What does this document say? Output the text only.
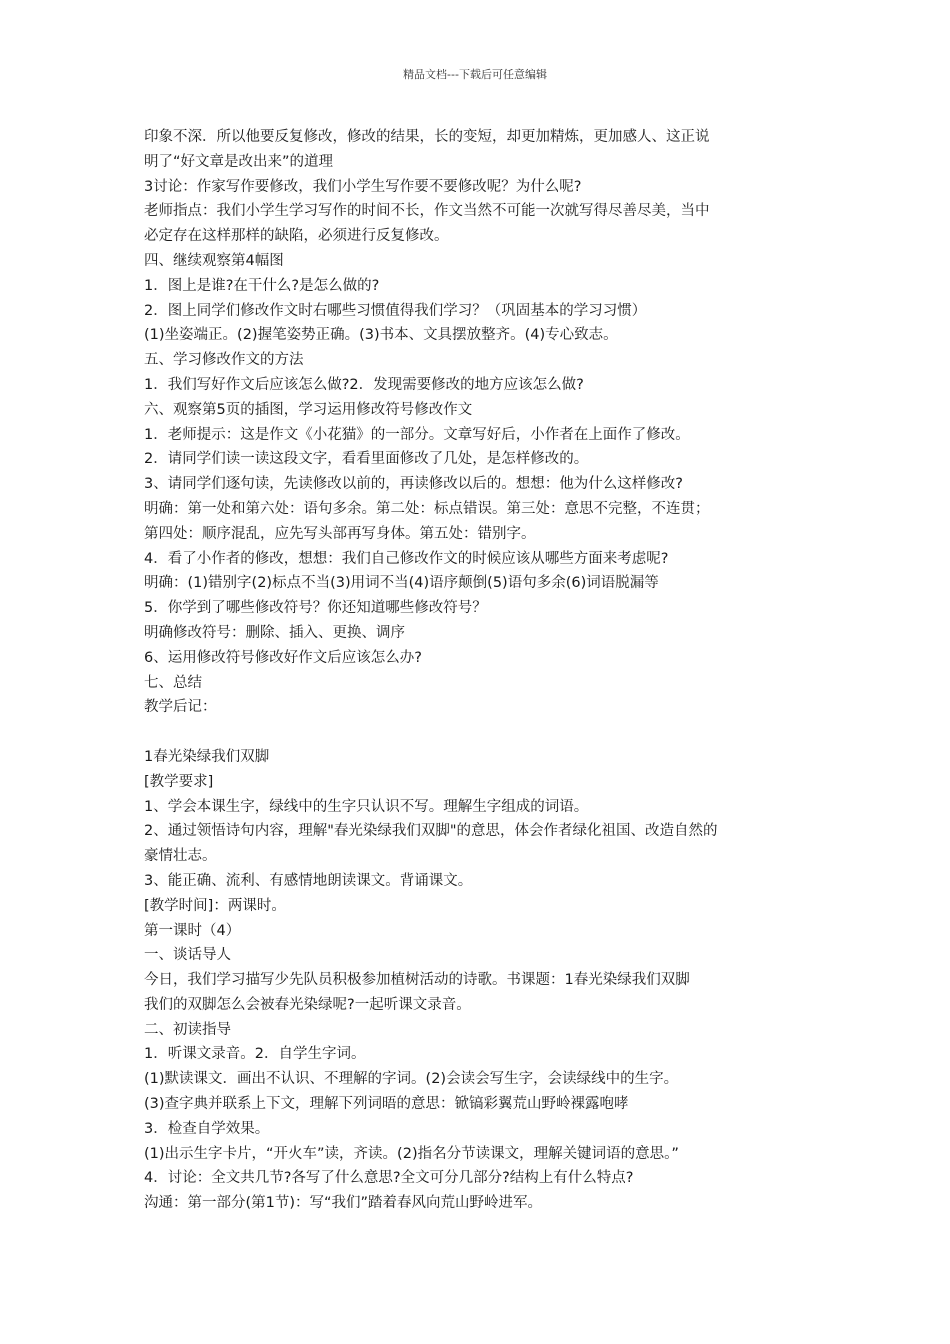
精品文档---下载后可任意编辑
印象不深．所以他要反复修改，修改的结果，长的变短，却更加精炼，更加感人、这正说
明了“好文章是改出来”的道理
3讨论：作家写作要修改，我们小学生写作要不要修改呢？为什么呢?
老师指点：我们小学生学习写作的时间不长，作文当然不可能一次就写得尽善尽美，当中
必定存在这样那样的缺陷，必须进行反复修改。
四、继续观察第4幅图
1．图上是谁?在干什么?是怎么做的?
2．图上同学们修改作文时右哪些习惯值得我们学习？（巩固基本的学习习惯）
(1)坐姿端正。(2)握笔姿势正确。(3)书本、文具摆放整齐。(4)专心致志。
五、学习修改作文的方法
1．我们写好作文后应该怎么做?2．发现需要修改的地方应该怎么做?
六、观察第5页的插图，学习运用修改符号修改作文
1．老师提示：这是作文《小花猫》的一部分。文章写好后，小作者在上面作了修改。
2．请同学们读一读这段文字，看看里面修改了几处，是怎样修改的。
3、请同学们逐句读，先读修改以前的，再读修改以后的。想想：他为什么这样修改?
明确：第一处和第六处：语句多余。第二处：标点错误。第三处：意思不完整，不连贯；
第四处：顺序混乱，应先写头部再写身体。第五处：错别字。
4．看了小作者的修改，想想：我们自己修改作文的时候应该从哪些方面来考虑呢?
明确：(1)错别字(2)标点不当(3)用词不当(4)语序颠倒(5)语句多余(6)词语脱漏等
5．你学到了哪些修改符号？你还知道哪些修改符号？
明确修改符号：删除、插入、更换、调序
6、运用修改符号修改好作文后应该怎么办?
七、总结
教学后记：
1春光染绿我们双脚
[教学要求]
1、学会本课生字，绿线中的生字只认识不写。理解生字组成的词语。
2、通过领悟诗句内容，理解"春光染绿我们双脚"的意思，体会作者绿化祖国、改造自然的
豪情壮志。
3、能正确、流利、有感情地朗读课文。背诵课文。
[教学时间]：两课时。
第一课时（4）
一、谈话导人
今日，我们学习描写少先队员积极参加植树活动的诗歌。书课题：1春光染绿我们双脚
我们的双脚怎么会被春光染绿呢?一起听课文录音。
二、初读指导
1．听课文录音。2．自学生字词。
(1)默读课文．画出不认识、不理解的字词。(2)会读会写生字，会读绿线中的生字。
(3)查字典并联系上下文，理解下列词晤的意思：锨镐彩翼荒山野岭裸露咆哮
3．检查自学效果。
(1)出示生字卡片，“开火车”读，齐读。(2)指名分节读课文，理解关键词语的意思。”
4．讨论：全文共几节?各写了什么意思?全文可分几部分?结构上有什么特点?
沟通：第一部分(第1节)：写“我们”踏着春风向荒山野岭进军。
